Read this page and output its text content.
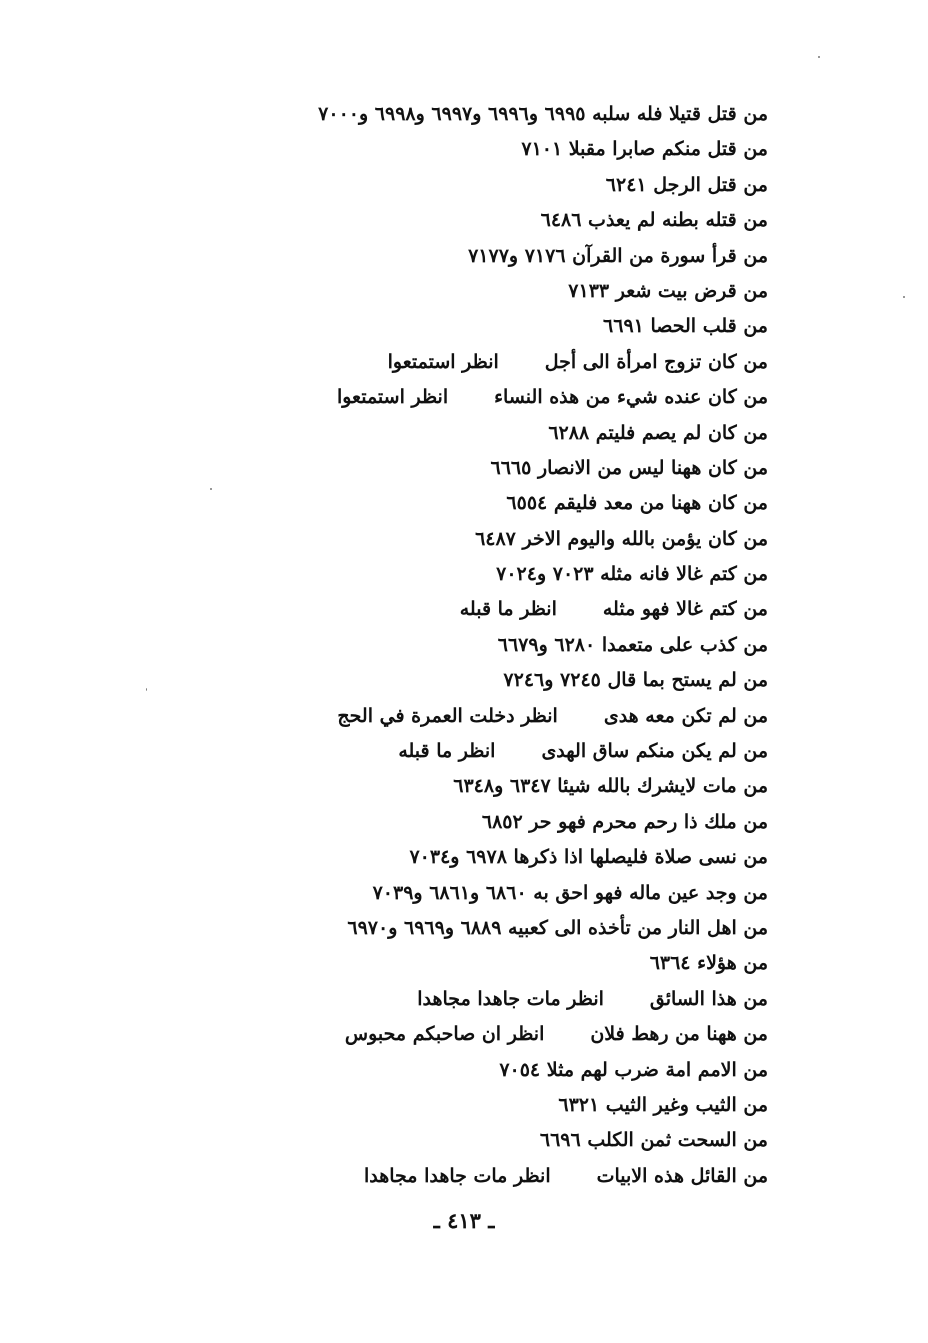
من قتل قتيلا فله سلبه ٦٩٩٥ و٦٩٩٦ و٦٩٩٧ و٦٩٩٨ و٧٠٠٠
من قتل منكم صابرا مقبلا ٧١٠١
من قتل الرجل ٦٢٤١
من قتله بطنه لم يعذب ٦٤٨٦
من قرأ سورة من القرآن ٧١٧٦ و٧١٧٧
من قرض بيت شعر ٧١٣٣
من قلب الحصا ٦٦٩١
من كان تزوج امرأة الى أجل
انظر استمتعوا
من كان عنده شيء من هذه النساء
انظر استمتعوا
من كان لم يصم فليتم ٦٢٨٨
من كان ههنا ليس من الانصار ٦٦٦٥
من كان ههنا من معد فليقم ٦٥٥٤
من كان يؤمن بالله واليوم الاخر ٦٤٨٧
من كتم غالا فانه مثله ٧٠٢٣ و٧٠٢٤
من كتم غالا فهو مثله
انظر ما قبله
من كذب على متعمدا ٦٢٨٠ و٦٦٧٩
من لم يستح بما قال ٧٢٤٥ و٧٢٤٦
من لم تكن معه هدى
انظر دخلت العمرة في الحج
من لم يكن منكم ساق الهدى
انظر ما قبله
من مات لايشرك بالله شيئا ٦٣٤٧ و٦٣٤٨
من ملك ذا رحم محرم فهو حر ٦٨٥٢
من نسى صلاة فليصلها اذا ذكرها ٦٩٧٨ و٧٠٣٤
من وجد عين ماله فهو احق به ٦٨٦٠ و٦٨٦١ و٧٠٣٩
من اهل النار من تأخذه الى كعبيه ٦٨٨٩ و٦٩٦٩ و٦٩٧٠
من هؤلاء ٦٣٦٤
من هذا السائق
انظر مات جاهدا مجاهدا
من ههنا من رهط فلان
انظر ان صاحبكم محبوس
من الامم امة ضرب لهم مثلا ٧٠٥٤
من الثيب وغير الثيب ٦٣٢١
من السحت ثمن الكلب ٦٦٩٦
من القائل هذه الابيات
انظر مات جاهدا مجاهدا
ـ ٤١٣ ـ
